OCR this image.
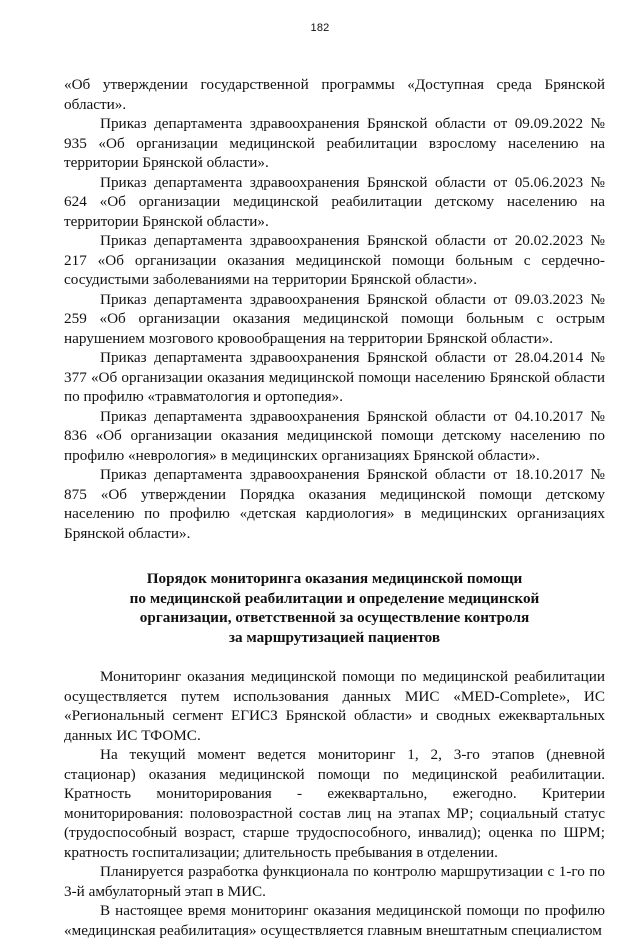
182

«Об утверждении государственной программы «Доступная среда Брянской области».

Приказ департамента здравоохранения Брянской области от 09.09.2022 № 935 «Об организации медицинской реабилитации взрослому населению на территории Брянской области».

Приказ департамента здравоохранения Брянской области от 05.06.2023 № 624 «Об организации медицинской реабилитации детскому населению на территории Брянской области».

Приказ департамента здравоохранения Брянской области от 20.02.2023 № 217 «Об организации оказания медицинской помощи больным с сердечно-сосудистыми заболеваниями на территории Брянской области».

Приказ департамента здравоохранения Брянской области от 09.03.2023 № 259 «Об организации оказания медицинской помощи больным с острым нарушением мозгового кровообращения на территории Брянской области».

Приказ департамента здравоохранения Брянской области от 28.04.2014 № 377 «Об организации оказания медицинской помощи населению Брянской области по профилю «травматология и ортопедия».

Приказ департамента здравоохранения Брянской области от 04.10.2017 № 836 «Об организации оказания медицинской помощи детскому населению по профилю «неврология» в медицинских организациях Брянской области».

Приказ департамента здравоохранения Брянской области от 18.10.2017 № 875 «Об утверждении Порядка оказания медицинской помощи детскому населению по профилю «детская кардиология» в медицинских организациях Брянской области».

Порядок мониторинга оказания медицинской помощи
по медицинской реабилитации и определение медицинской
организации, ответственной за осуществление контроля
за маршрутизацией пациентов

Мониторинг оказания медицинской помощи по медицинской реабилитации осуществляется путем использования данных МИС «MED-Complete», ИС «Региональный сегмент ЕГИСЗ Брянской области» и сводных ежеквартальных данных ИС ТФОМС.

На текущий момент ведется мониторинг 1, 2, 3-го этапов (дневной стационар) оказания медицинской помощи по медицинской реабилитации. Кратность мониторирования - ежеквартально, ежегодно. Критерии мониторирования: половозрастной состав лиц на этапах МР; социальный статус (трудоспособный возраст, старше трудоспособного, инвалид); оценка по ШРМ; кратность госпитализации; длительность пребывания в отделении.

Планируется разработка функционала по контролю маршрутизации с 1-го по 3-й амбулаторный этап в МИС.

В настоящее время мониторинг оказания медицинской помощи по профилю «медицинская реабилитация» осуществляется главным внештатным специалистом
